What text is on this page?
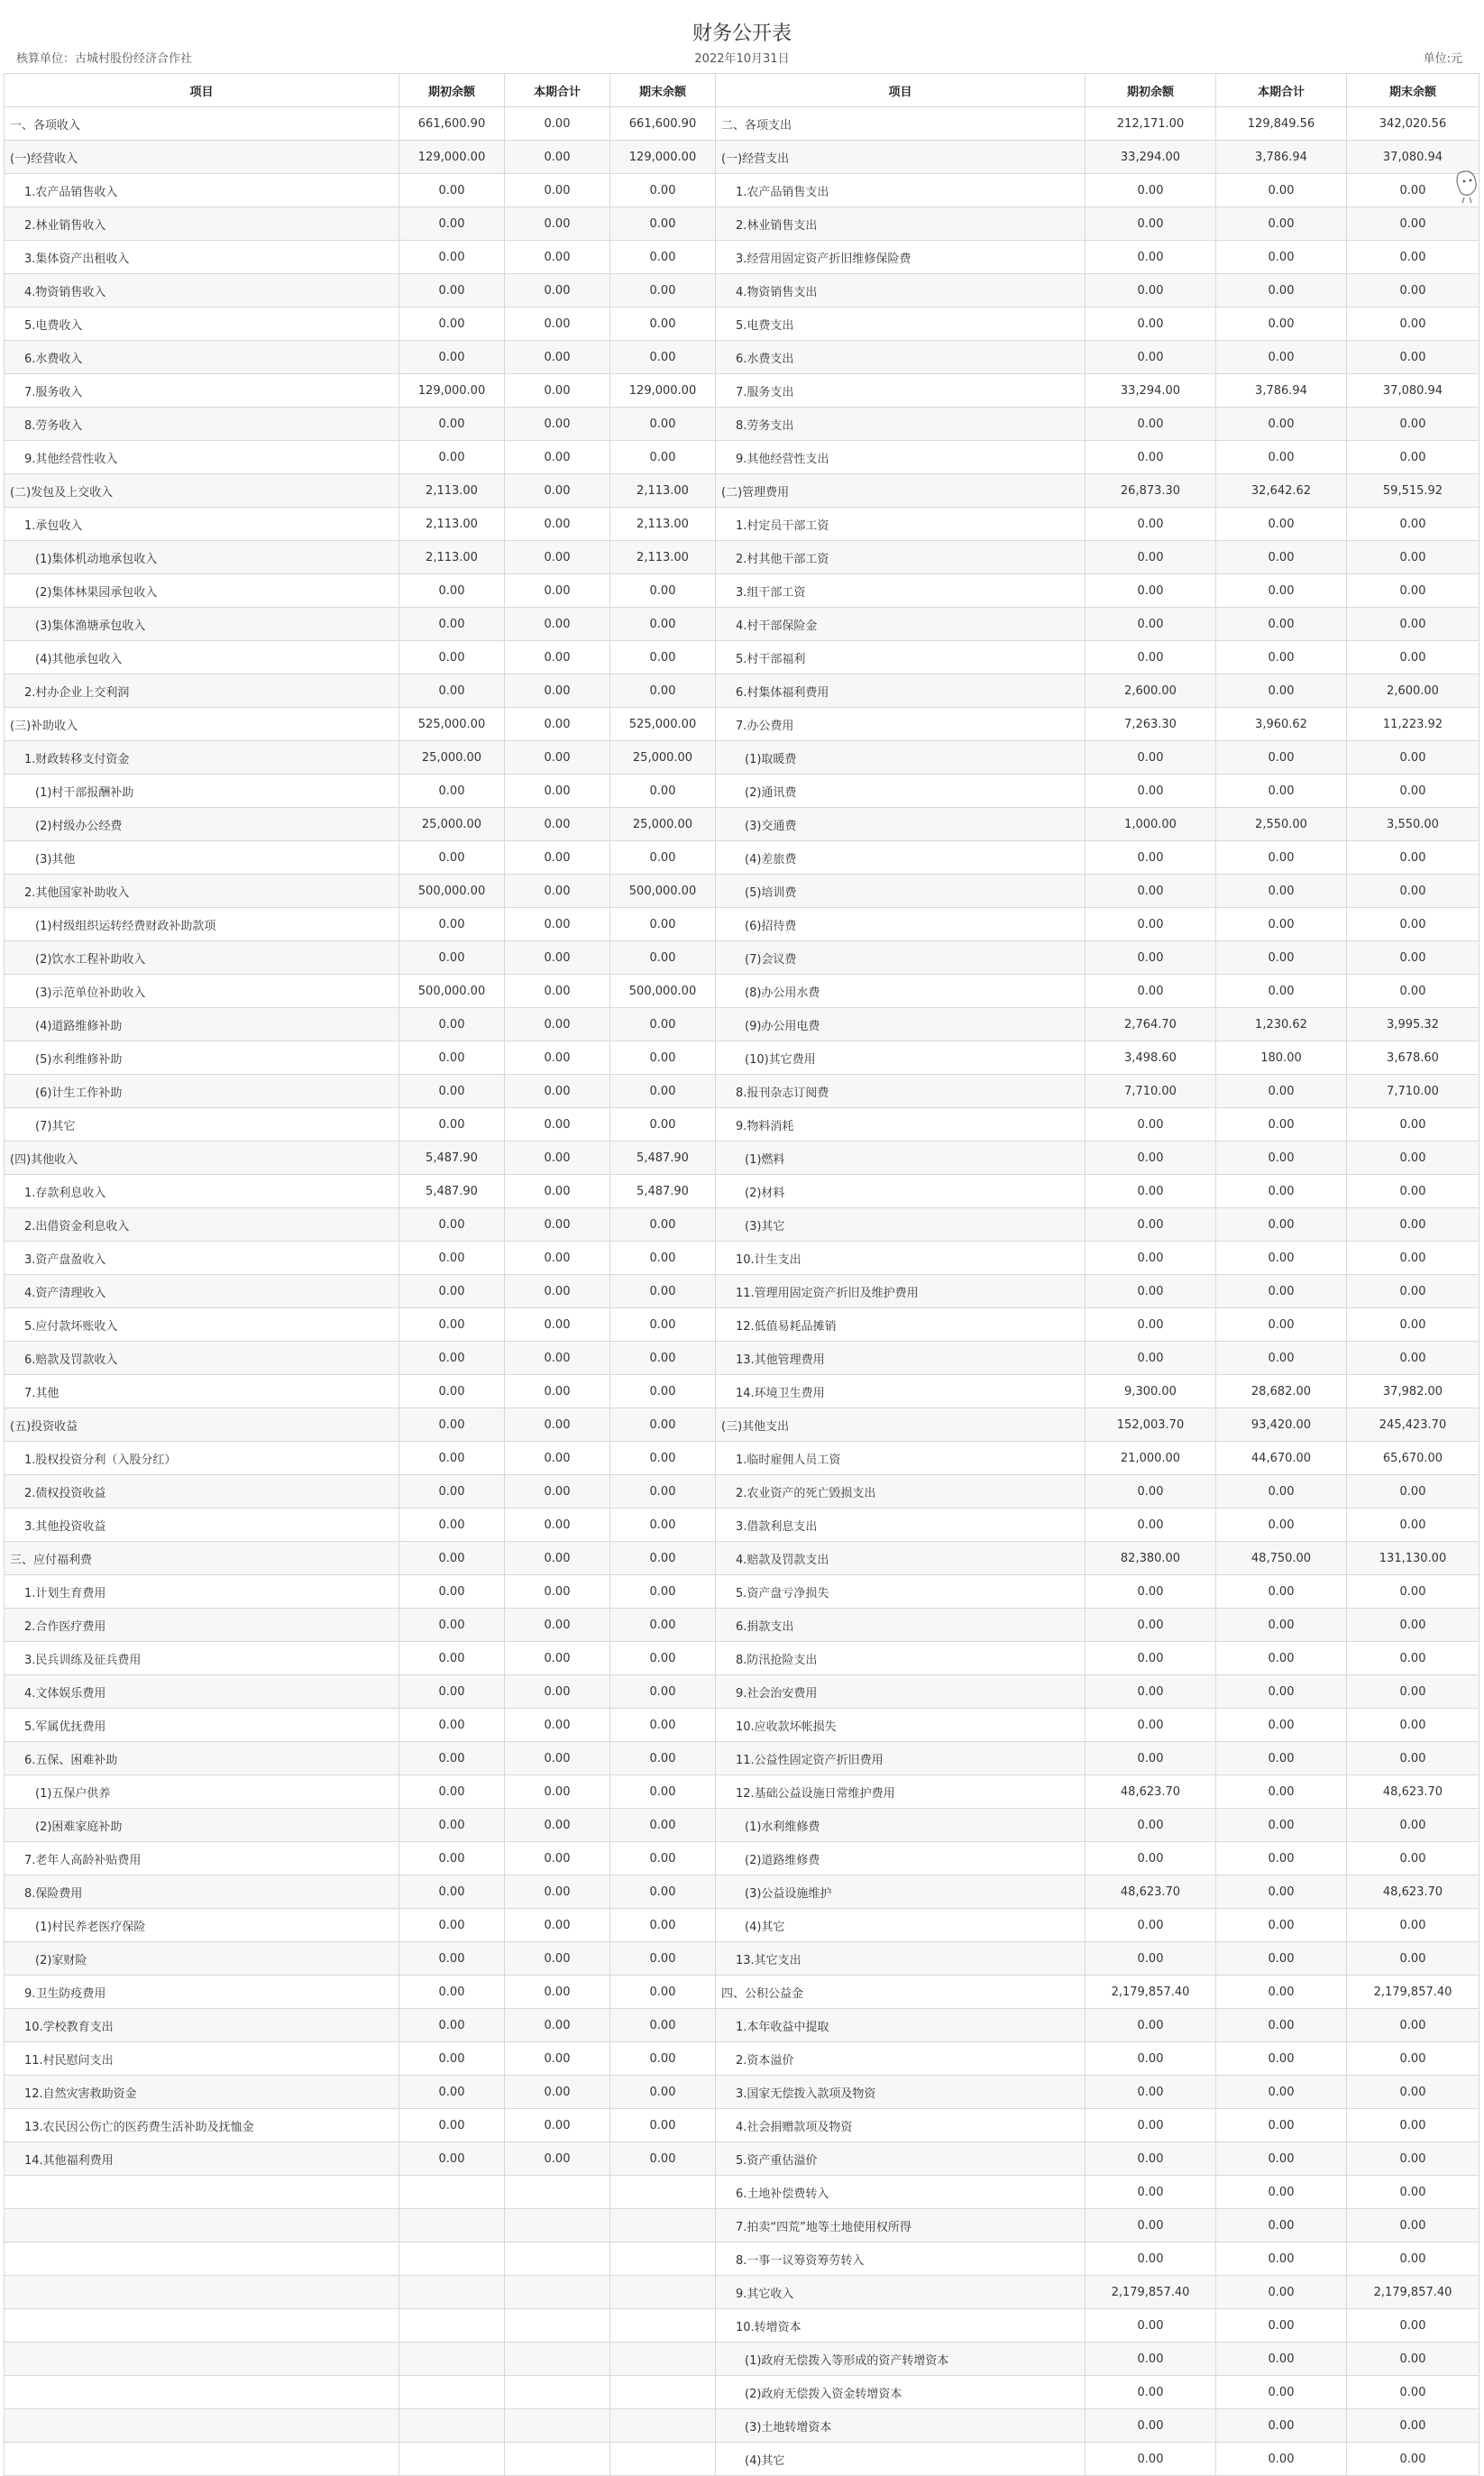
财务公开表
2022年10月31日
核算单位：古城村股份经济合作社	单位:元
项目	期初余额	本期合计	期末余额	项目	期初余额	本期合计	期末余额
一、各项收入	661,600.90	0.00	661,600.90	二、各项支出	212,171.00	129,849.56	342,020.56
(一)经营收入	129,000.00	0.00	129,000.00	(一)经营支出	33,294.00	3,786.94	37,080.94
1.农产品销售收入	0.00	0.00	0.00	1.农产品销售支出	0.00	0.00	0.00
2.林业销售收入	0.00	0.00	0.00	2.林业销售支出	0.00	0.00	0.00
3.集体资产出租收入	0.00	0.00	0.00	3.经营用固定资产折旧维修保险费	0.00	0.00	0.00
4.物资销售收入	0.00	0.00	0.00	4.物资销售支出	0.00	0.00	0.00
5.电费收入	0.00	0.00	0.00	5.电费支出	0.00	0.00	0.00
6.水费收入	0.00	0.00	0.00	6.水费支出	0.00	0.00	0.00
7.服务收入	129,000.00	0.00	129,000.00	7.服务支出	33,294.00	3,786.94	37,080.94
8.劳务收入	0.00	0.00	0.00	8.劳务支出	0.00	0.00	0.00
9.其他经营性收入	0.00	0.00	0.00	9.其他经营性支出	0.00	0.00	0.00
(二)发包及上交收入	2,113.00	0.00	2,113.00	(二)管理费用	26,873.30	32,642.62	59,515.92
1.承包收入	2,113.00	0.00	2,113.00	1.村定员干部工资	0.00	0.00	0.00
(1)集体机动地承包收入	2,113.00	0.00	2,113.00	2.村其他干部工资	0.00	0.00	0.00
(2)集体林果园承包收入	0.00	0.00	0.00	3.组干部工资	0.00	0.00	0.00
(3)集体渔塘承包收入	0.00	0.00	0.00	4.村干部保险金	0.00	0.00	0.00
(4)其他承包收入	0.00	0.00	0.00	5.村干部福利	0.00	0.00	0.00
2.村办企业上交利润	0.00	0.00	0.00	6.村集体福利费用	2,600.00	0.00	2,600.00
(三)补助收入	525,000.00	0.00	525,000.00	7.办公费用	7,263.30	3,960.62	11,223.92
1.财政转移支付资金	25,000.00	0.00	25,000.00	(1)取暖费	0.00	0.00	0.00
(1)村干部报酬补助	0.00	0.00	0.00	(2)通讯费	0.00	0.00	0.00
(2)村级办公经费	25,000.00	0.00	25,000.00	(3)交通费	1,000.00	2,550.00	3,550.00
(3)其他	0.00	0.00	0.00	(4)差旅费	0.00	0.00	0.00
2.其他国家补助收入	500,000.00	0.00	500,000.00	(5)培训费	0.00	0.00	0.00
(1)村级组织运转经费财政补助款项	0.00	0.00	0.00	(6)招待费	0.00	0.00	0.00
(2)饮水工程补助收入	0.00	0.00	0.00	(7)会议费	0.00	0.00	0.00
(3)示范单位补助收入	500,000.00	0.00	500,000.00	(8)办公用水费	0.00	0.00	0.00
(4)道路维修补助	0.00	0.00	0.00	(9)办公用电费	2,764.70	1,230.62	3,995.32
(5)水利维修补助	0.00	0.00	0.00	(10)其它费用	3,498.60	180.00	3,678.60
(6)计生工作补助	0.00	0.00	0.00	8.报刊杂志订阅费	7,710.00	0.00	7,710.00
(7)其它	0.00	0.00	0.00	9.物料消耗	0.00	0.00	0.00
(四)其他收入	5,487.90	0.00	5,487.90	(1)燃料	0.00	0.00	0.00
1.存款利息收入	5,487.90	0.00	5,487.90	(2)材料	0.00	0.00	0.00
2.出借资金利息收入	0.00	0.00	0.00	(3)其它	0.00	0.00	0.00
3.资产盘盈收入	0.00	0.00	0.00	10.计生支出	0.00	0.00	0.00
4.资产清理收入	0.00	0.00	0.00	11.管理用固定资产折旧及维护费用	0.00	0.00	0.00
5.应付款坏账收入	0.00	0.00	0.00	12.低值易耗品摊销	0.00	0.00	0.00
6.赔款及罚款收入	0.00	0.00	0.00	13.其他管理费用	0.00	0.00	0.00
7.其他	0.00	0.00	0.00	14.环境卫生费用	9,300.00	28,682.00	37,982.00
(五)投资收益	0.00	0.00	0.00	(三)其他支出	152,003.70	93,420.00	245,423.70
1.股权投资分利（入股分红）	0.00	0.00	0.00	1.临时雇佣人员工资	21,000.00	44,670.00	65,670.00
2.债权投资收益	0.00	0.00	0.00	2.农业资产的死亡毁损支出	0.00	0.00	0.00
3.其他投资收益	0.00	0.00	0.00	3.借款利息支出	0.00	0.00	0.00
三、应付福利费	0.00	0.00	0.00	4.赔款及罚款支出	82,380.00	48,750.00	131,130.00
1.计划生育费用	0.00	0.00	0.00	5.资产盘亏净损失	0.00	0.00	0.00
2.合作医疗费用	0.00	0.00	0.00	6.捐款支出	0.00	0.00	0.00
3.民兵训练及征兵费用	0.00	0.00	0.00	8.防汛抢险支出	0.00	0.00	0.00
4.文体娱乐费用	0.00	0.00	0.00	9.社会治安费用	0.00	0.00	0.00
5.军属优抚费用	0.00	0.00	0.00	10.应收款坏帐损失	0.00	0.00	0.00
6.五保、困难补助	0.00	0.00	0.00	11.公益性固定资产折旧费用	0.00	0.00	0.00
(1)五保户供养	0.00	0.00	0.00	12.基础公益设施日常维护费用	48,623.70	0.00	48,623.70
(2)困难家庭补助	0.00	0.00	0.00	(1)水利维修费	0.00	0.00	0.00
7.老年人高龄补贴费用	0.00	0.00	0.00	(2)道路维修费	0.00	0.00	0.00
8.保险费用	0.00	0.00	0.00	(3)公益设施维护	48,623.70	0.00	48,623.70
(1)村民养老医疗保险	0.00	0.00	0.00	(4)其它	0.00	0.00	0.00
(2)家财险	0.00	0.00	0.00	13.其它支出	0.00	0.00	0.00
9.卫生防疫费用	0.00	0.00	0.00	四、公积公益金	2,179,857.40	0.00	2,179,857.40
10.学校教育支出	0.00	0.00	0.00	1.本年收益中提取	0.00	0.00	0.00
11.村民慰问支出	0.00	0.00	0.00	2.资本溢价	0.00	0.00	0.00
12.自然灾害救助资金	0.00	0.00	0.00	3.国家无偿拨入款项及物资	0.00	0.00	0.00
13.农民因公伤亡的医药费生活补助及抚恤金	0.00	0.00	0.00	4.社会捐赠款项及物资	0.00	0.00	0.00
14.其他福利费用	0.00	0.00	0.00	5.资产重估溢价	0.00	0.00	0.00
				6.土地补偿费转入	0.00	0.00	0.00
				7.拍卖“四荒”地等土地使用权所得	0.00	0.00	0.00
				8.一事一议筹资筹劳转入	0.00	0.00	0.00
				9.其它收入	2,179,857.40	0.00	2,179,857.40
				10.转增资本	0.00	0.00	0.00
				(1)政府无偿拨入等形成的资产转增资本	0.00	0.00	0.00
				(2)政府无偿拨入资金转增资本	0.00	0.00	0.00
				(3)土地转增资本	0.00	0.00	0.00
				(4)其它	0.00	0.00	0.00
